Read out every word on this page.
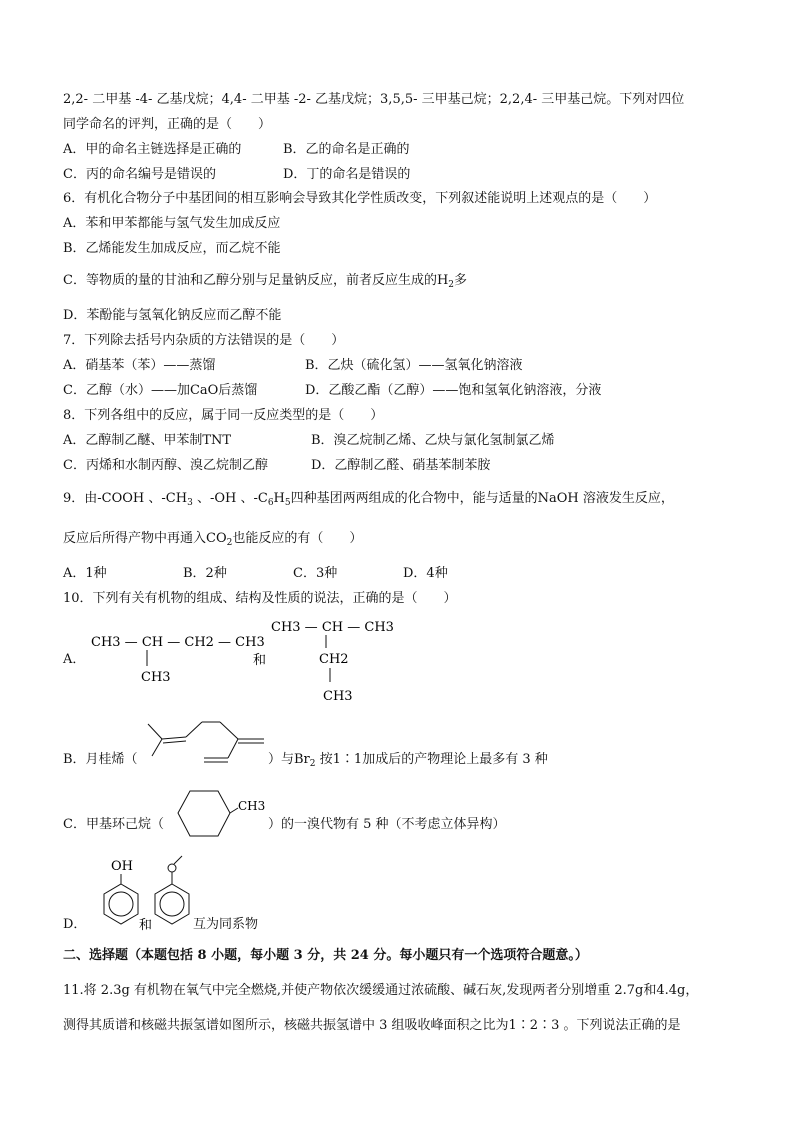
2,2- 二甲基 -4- 乙基戊烷；4,4- 二甲基 -2- 乙基戊烷；3,5,5- 三甲基己烷；2,2,4- 三甲基己烷。下列对四位
同学命名的评判，正确的是（　　）
A．甲的命名主链选择是正确的	B．乙的命名是正确的
C．丙的命名编号是错误的	D．丁的命名是错误的
6．有机化合物分子中基团间的相互影响会导致其化学性质改变，下列叙述能说明上述观点的是（　　）
A．苯和甲苯都能与氢气发生加成反应
B．乙烯能发生加成反应，而乙烷不能
C．等物质的量的甘油和乙醇分别与足量钠反应，前者反应生成的$H_2$多
D．苯酚能与氢氧化钠反应而乙醇不能
7．下列除去括号内杂质的方法错误的是（　　）
A．硝基苯（苯）——蒸馏	B．乙炔（硫化氢）——氢氧化钠溶液
C．乙醇（水）——加CaO后蒸馏	D．乙酸乙酯（乙醇）——饱和氢氧化钠溶液，分液
8．下列各组中的反应，属于同一反应类型的是（　　）
A．乙醇制乙醚、甲苯制TNT	B．溴乙烷制乙烯、乙炔与氯化氢制氯乙烯
C．丙烯和水制丙醇、溴乙烷制乙醇	D．乙醇制乙醛、硝基苯制苯胺
9．由-COOH 、$-CH_3$ 、-OH 、$-C_6H_5$四种基团两两组成的化合物中，能与适量的NaOH 溶液发生反应，
反应后所得产物中再通入$CO_2$也能反应的有（　　）
A．1种	B．2种	C．3种	D．4种
10．下列有关有机物的组成、结构及性质的说法，正确的是（　　）
A．
CH3 — CH — CH2 — CH3
CH3
和
CH3 — CH — CH3
CH2
CH3
B．月桂烯（	）与$Br_2$ 按1∶1加成后的产物理论上最多有 3 种
C．甲基环己烷（
CH3
）的一溴代物有 5 种（不考虑立体异构）
D．
OH
和	互为同系物
二、选择题（本题包括 8 小题，每小题 3 分，共 24 分。每小题只有一个选项符合题意。）
11.将 2.3g 有机物在氧气中完全燃烧,并使产物依次缓缓通过浓硫酸、碱石灰,发现两者分别增重 2.7g和4.4g，
测得其质谱和核磁共振氢谱如图所示，核磁共振氢谱中 3 组吸收峰面积之比为1∶2∶3 。下列说法正确的是
